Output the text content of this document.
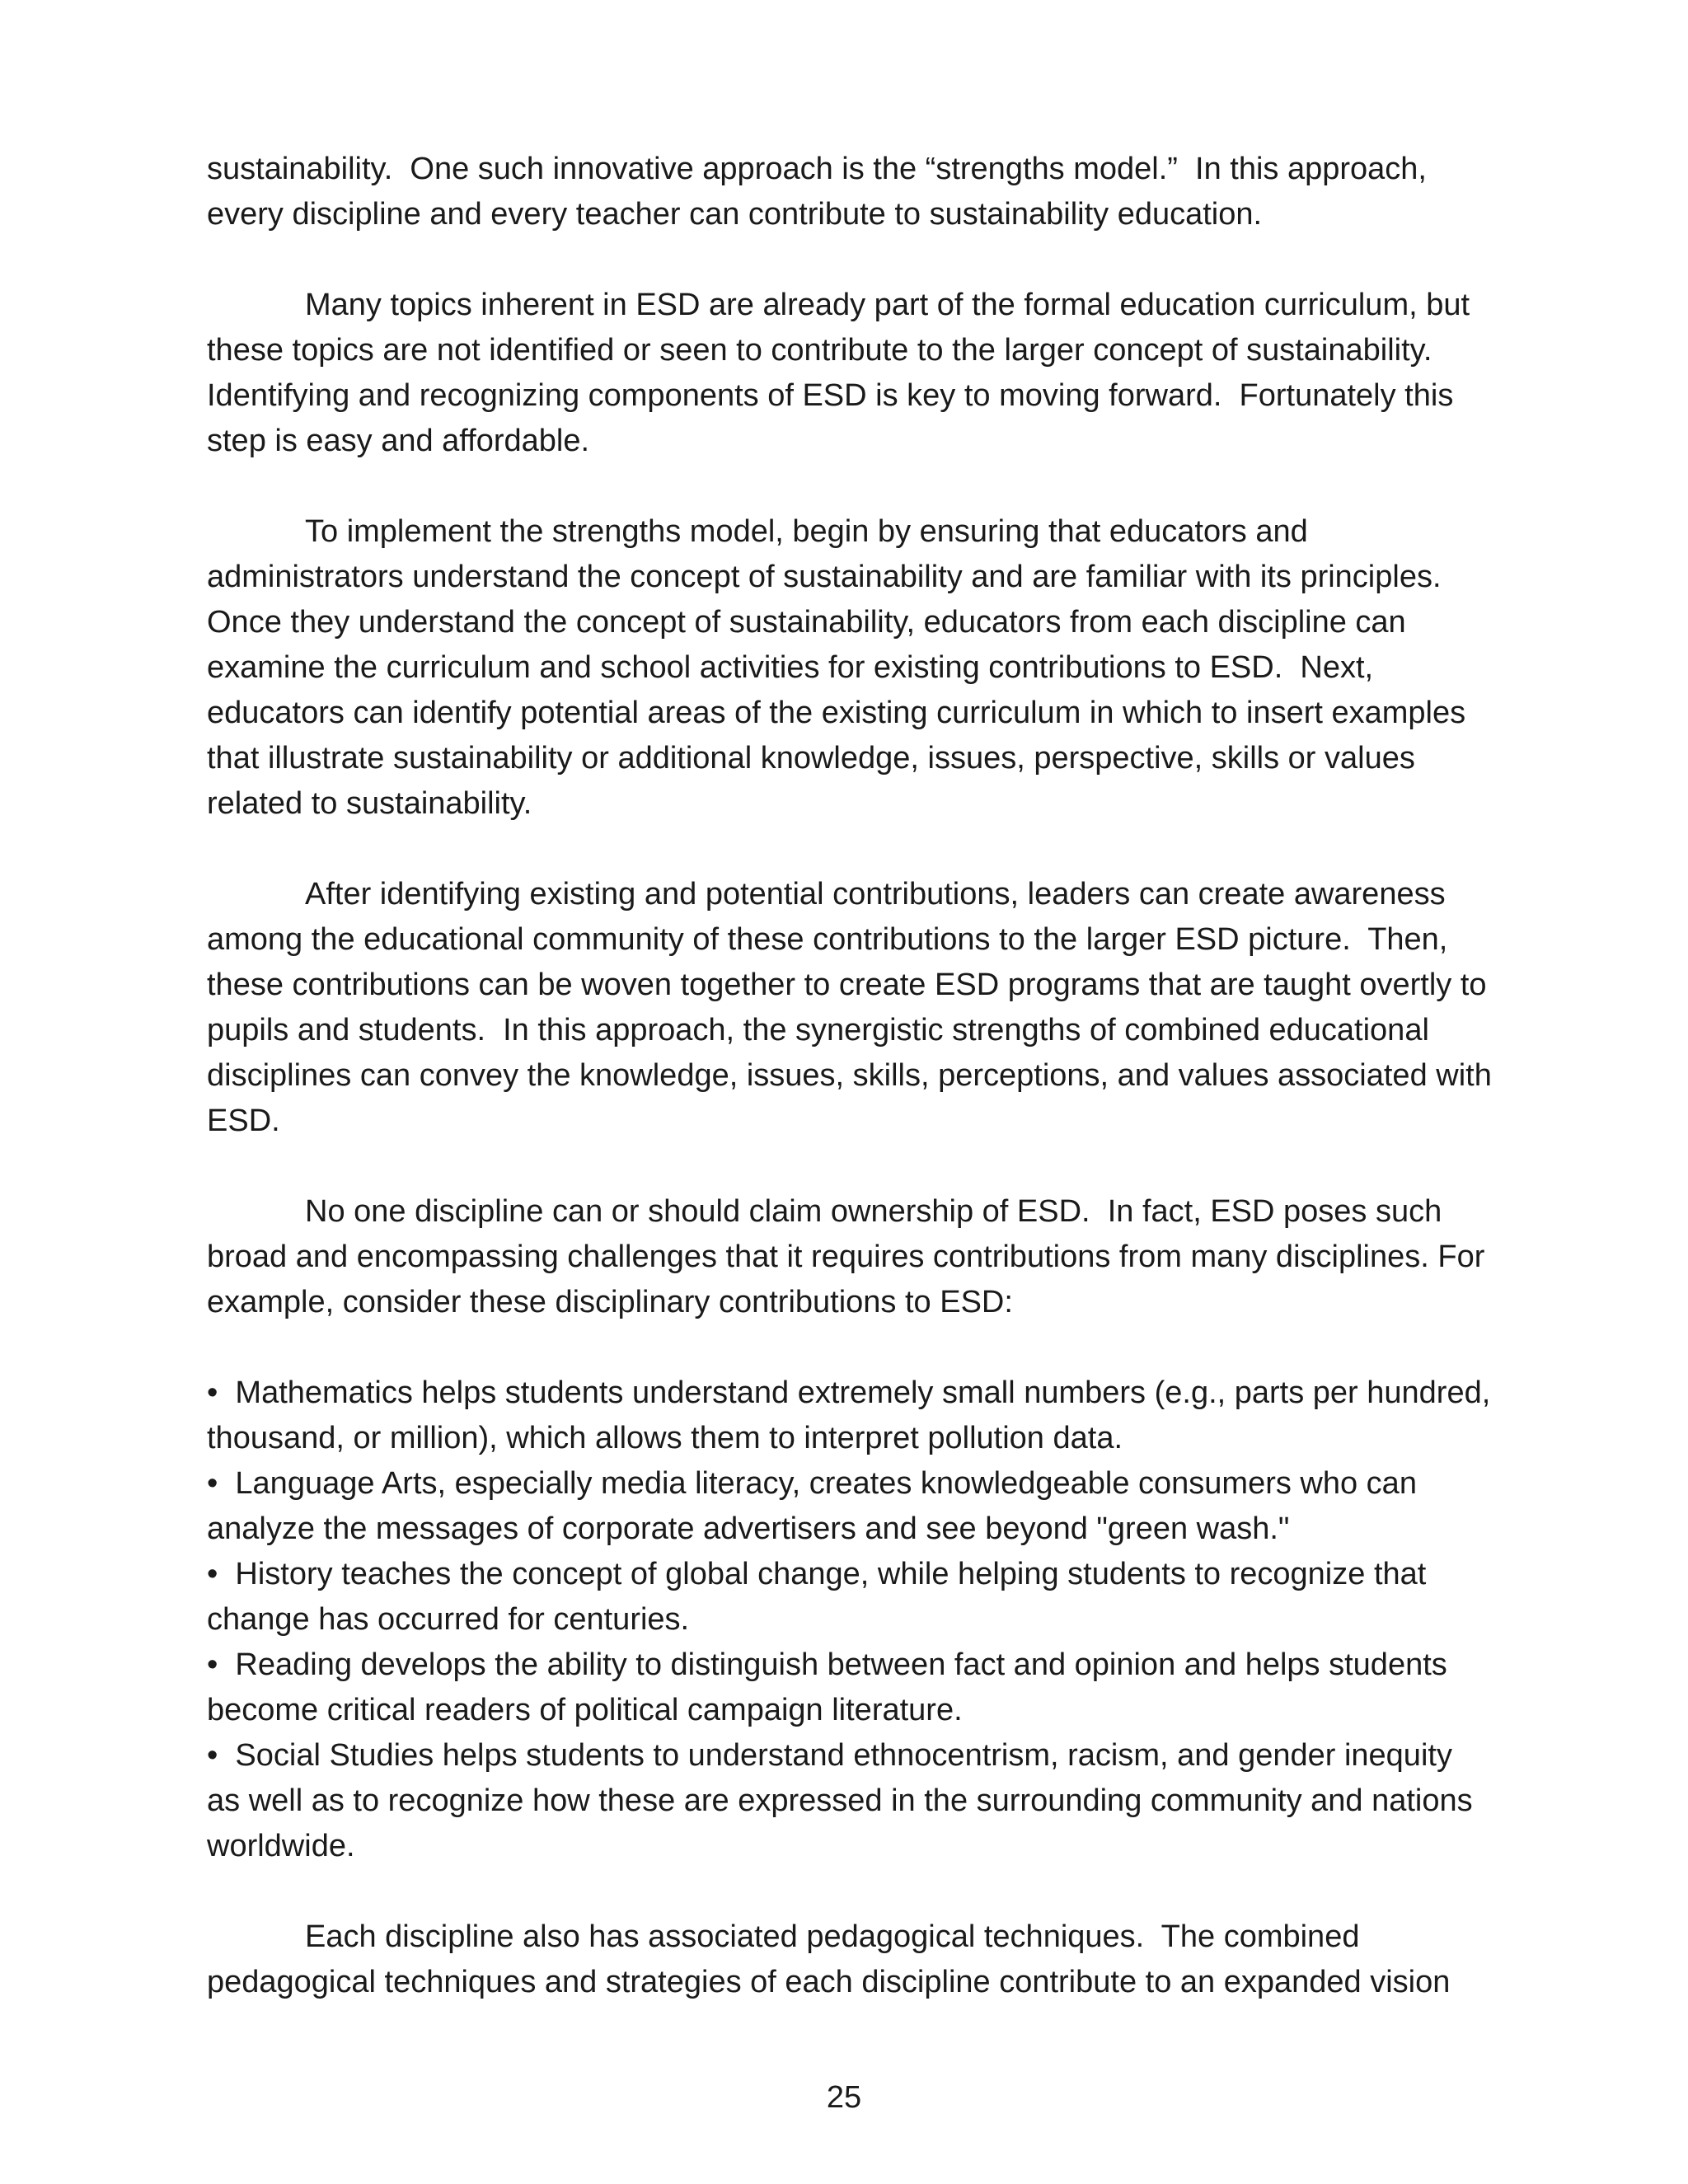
sustainability.  One such innovative approach is the “strengths model.”  In this approach, every discipline and every teacher can contribute to sustainability education.

Many topics inherent in ESD are already part of the formal education curriculum, but these topics are not identified or seen to contribute to the larger concept of sustainability. Identifying and recognizing components of ESD is key to moving forward.  Fortunately this step is easy and affordable.

To implement the strengths model, begin by ensuring that educators and administrators understand the concept of sustainability and are familiar with its principles. Once they understand the concept of sustainability, educators from each discipline can examine the curriculum and school activities for existing contributions to ESD.  Next, educators can identify potential areas of the existing curriculum in which to insert examples that illustrate sustainability or additional knowledge, issues, perspective, skills or values related to sustainability.

After identifying existing and potential contributions, leaders can create awareness among the educational community of these contributions to the larger ESD picture.  Then, these contributions can be woven together to create ESD programs that are taught overtly to pupils and students.  In this approach, the synergistic strengths of combined educational disciplines can convey the knowledge, issues, skills, perceptions, and values associated with ESD.

No one discipline can or should claim ownership of ESD.  In fact, ESD poses such broad and encompassing challenges that it requires contributions from many disciplines. For example, consider these disciplinary contributions to ESD:

•  Mathematics helps students understand extremely small numbers (e.g., parts per hundred, thousand, or million), which allows them to interpret pollution data.
•  Language Arts, especially media literacy, creates knowledgeable consumers who can analyze the messages of corporate advertisers and see beyond "green wash."
•  History teaches the concept of global change, while helping students to recognize that change has occurred for centuries.
•  Reading develops the ability to distinguish between fact and opinion and helps students become critical readers of political campaign literature.
•  Social Studies helps students to understand ethnocentrism, racism, and gender inequity as well as to recognize how these are expressed in the surrounding community and nations worldwide.

Each discipline also has associated pedagogical techniques.  The combined pedagogical techniques and strategies of each discipline contribute to an expanded vision

25
